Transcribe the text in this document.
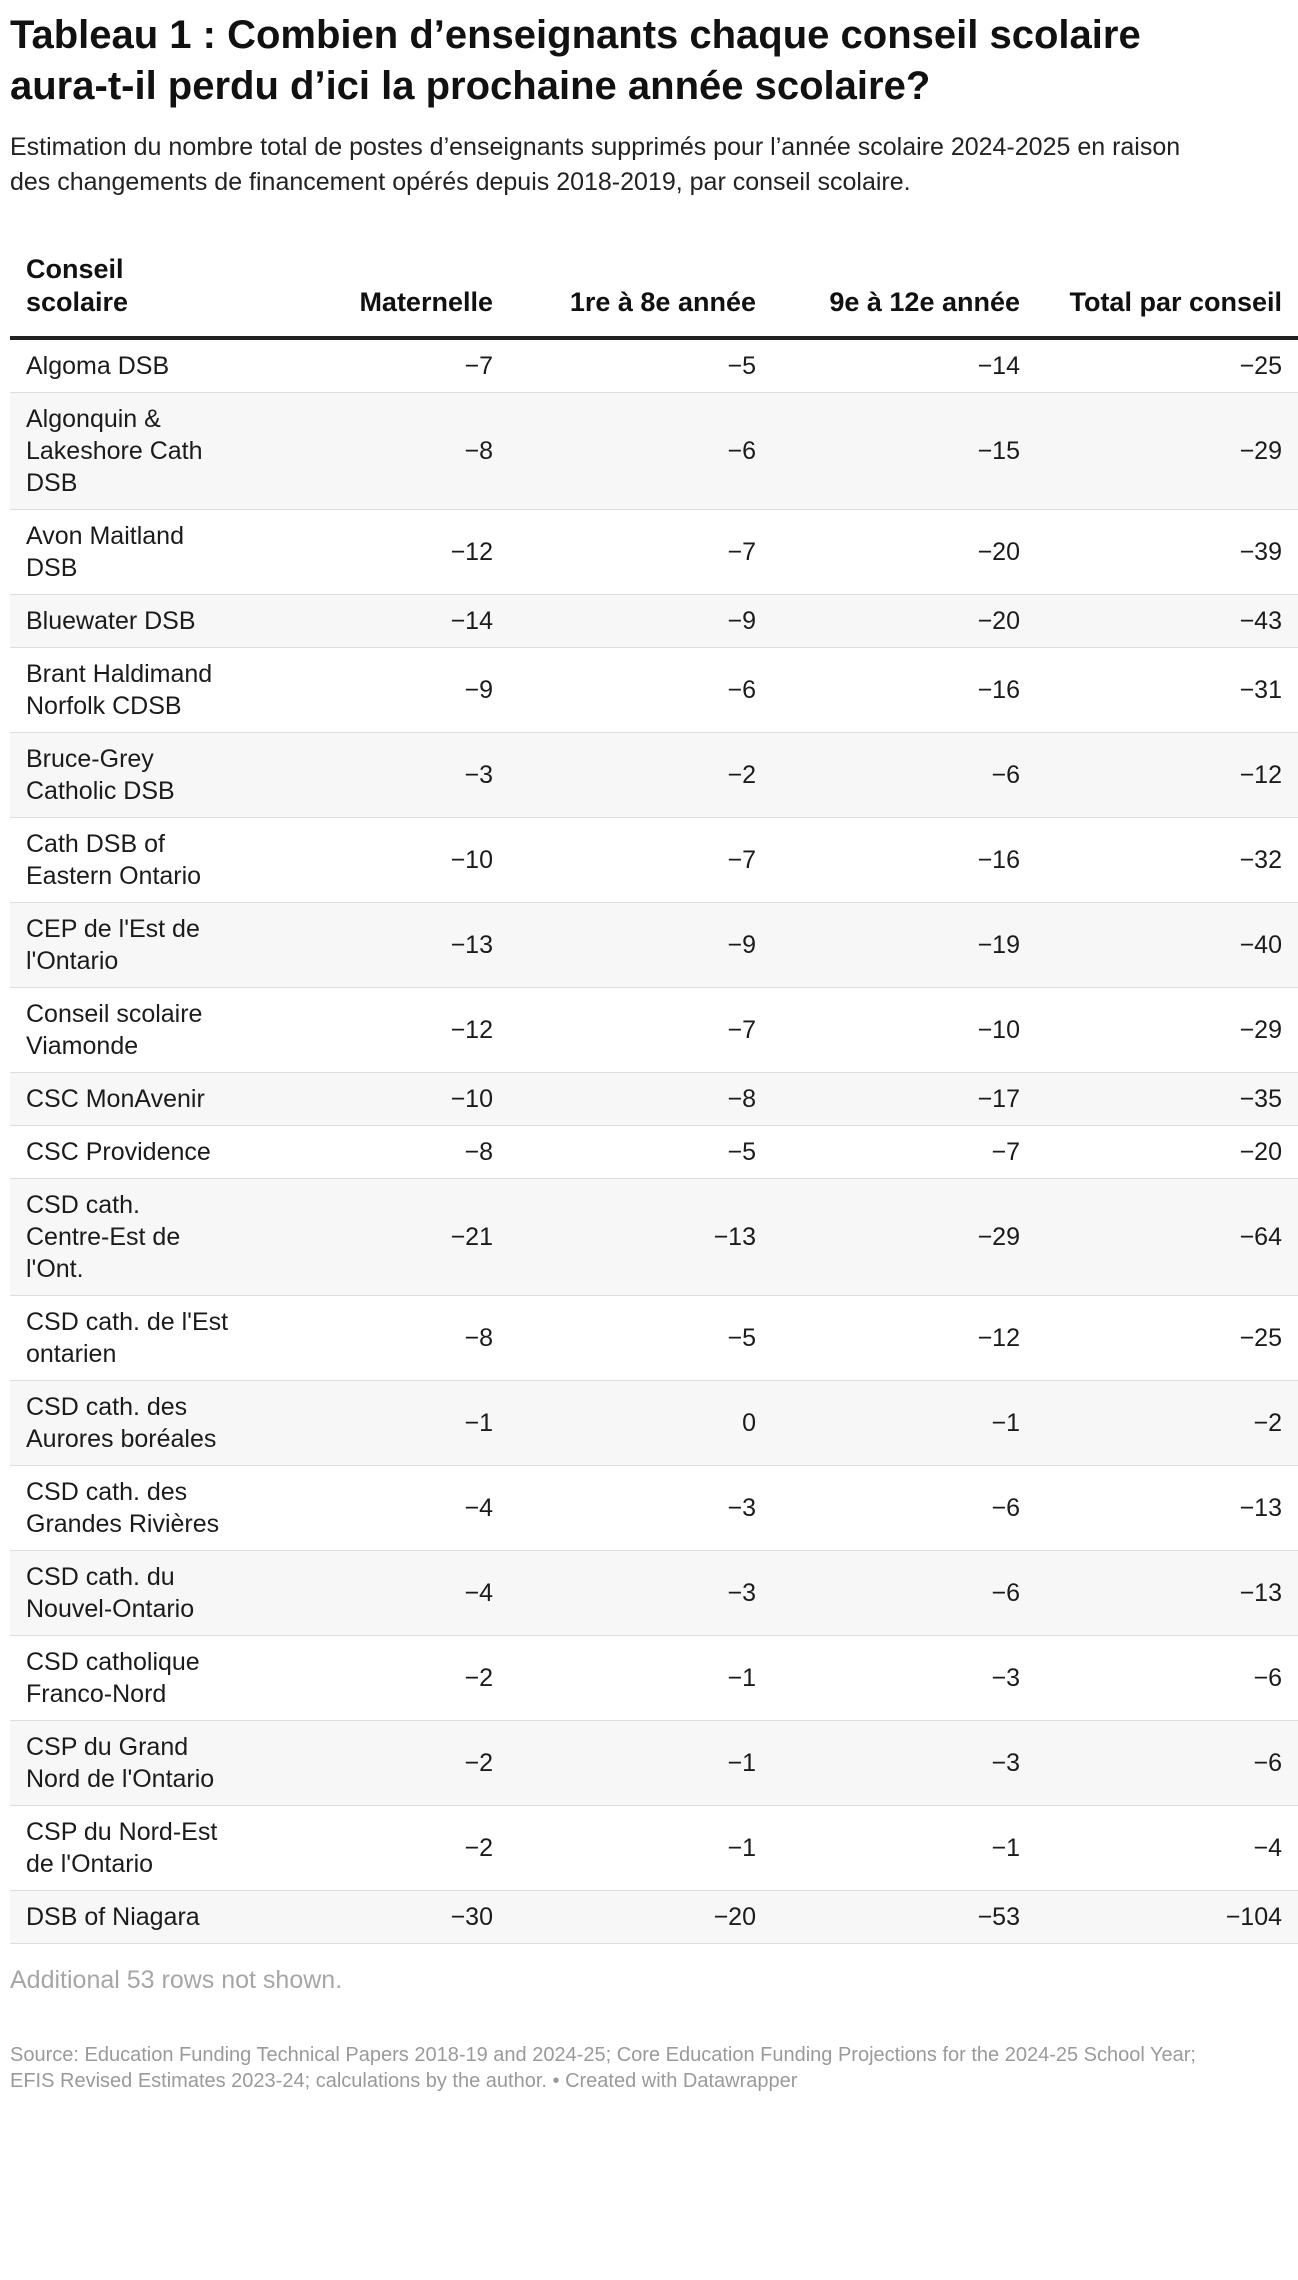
Tableau 1 : Combien d’enseignants chaque conseil scolaire aura-t-il perdu d’ici la prochaine année scolaire?

Estimation du nombre total de postes d’enseignants supprimés pour l’année scolaire 2024-2025 en raison des changements de financement opérés depuis 2018-2019, par conseil scolaire.

Conseil scolaire	Maternelle	1re à 8e année	9e à 12e année	Total par conseil
Algoma DSB	−7	−5	−14	−25
Algonquin & Lakeshore Cath DSB	−8	−6	−15	−29
Avon Maitland DSB	−12	−7	−20	−39
Bluewater DSB	−14	−9	−20	−43
Brant Haldimand Norfolk CDSB	−9	−6	−16	−31
Bruce-Grey Catholic DSB	−3	−2	−6	−12
Cath DSB of Eastern Ontario	−10	−7	−16	−32
CEP de l'Est de l'Ontario	−13	−9	−19	−40
Conseil scolaire Viamonde	−12	−7	−10	−29
CSC MonAvenir	−10	−8	−17	−35
CSC Providence	−8	−5	−7	−20
CSD cath. Centre-Est de l'Ont.	−21	−13	−29	−64
CSD cath. de l'Est ontarien	−8	−5	−12	−25
CSD cath. des Aurores boréales	−1	0	−1	−2
CSD cath. des Grandes Rivières	−4	−3	−6	−13
CSD cath. du Nouvel-Ontario	−4	−3	−6	−13
CSD catholique Franco-Nord	−2	−1	−3	−6
CSP du Grand Nord de l'Ontario	−2	−1	−3	−6
CSP du Nord-Est de l'Ontario	−2	−1	−1	−4
DSB of Niagara	−30	−20	−53	−104
Additional 53 rows not shown.
Source: Education Funding Technical Papers 2018-19 and 2024-25; Core Education Funding Projections for the 2024-25 School Year; EFIS Revised Estimates 2023-24; calculations by the author. • Created with Datawrapper
